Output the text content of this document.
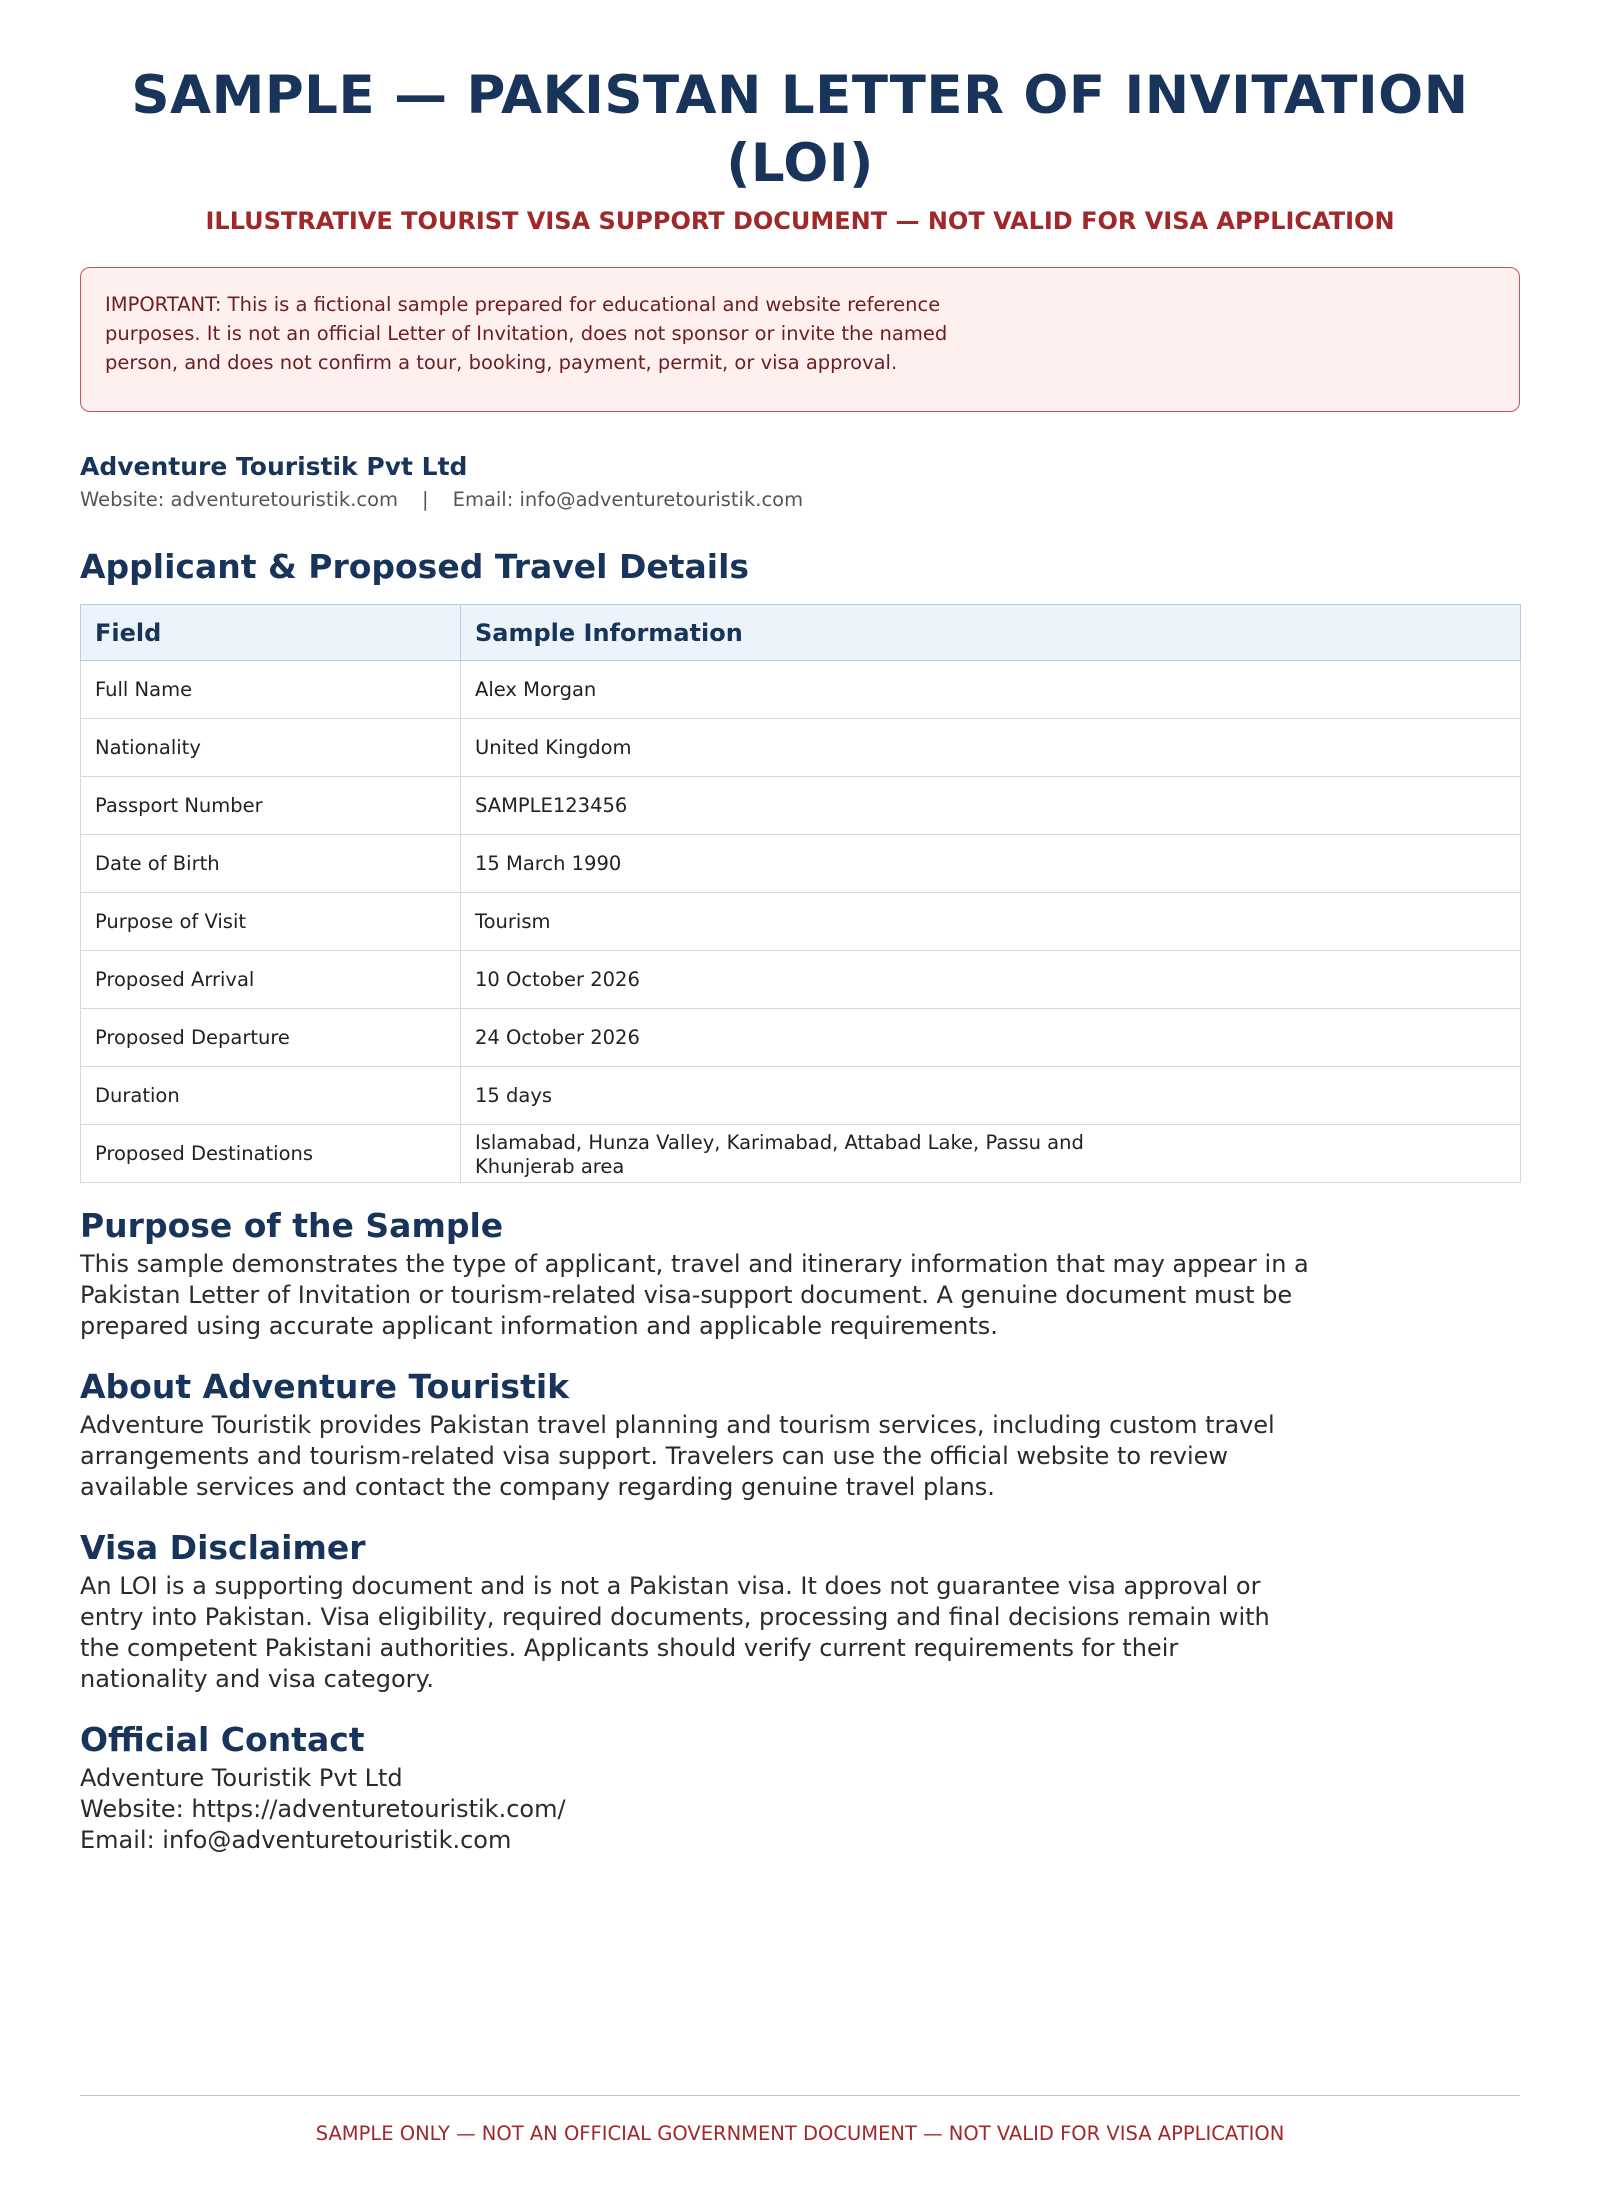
SAMPLE — PAKISTAN LETTER OF INVITATION (LOI)
ILLUSTRATIVE TOURIST VISA SUPPORT DOCUMENT — NOT VALID FOR VISA APPLICATION

IMPORTANT: This is a fictional sample prepared for educational and website reference purposes. It is not an official Letter of Invitation, does not sponsor or invite the named person, and does not confirm a tour, booking, payment, permit, or visa approval.

Adventure Touristik Pvt Ltd
Website: adventuretouristik.com | Email: info@adventuretouristik.com
Applicant & Proposed Travel Details
Field	Sample Information
Full Name	Alex Morgan
Nationality	United Kingdom
Passport Number	SAMPLE123456
Date of Birth	15 March 1990
Purpose of Visit	Tourism
Proposed Arrival	10 October 2026
Proposed Departure	24 October 2026
Duration	15 days
Proposed Destinations	Islamabad, Hunza Valley, Karimabad, Attabad Lake, Passu and Khunjerab area
Purpose of the Sample

This sample demonstrates the type of applicant, travel and itinerary information that may appear in a Pakistan Letter of Invitation or tourism-related visa-support document. A genuine document must be prepared using accurate applicant information and applicable requirements.

About Adventure Touristik

Adventure Touristik provides Pakistan travel planning and tourism services, including custom travel arrangements and tourism-related visa support. Travelers can use the official website to review available services and contact the company regarding genuine travel plans.

Visa Disclaimer

An LOI is a supporting document and is not a Pakistan visa. It does not guarantee visa approval or entry into Pakistan. Visa eligibility, required documents, processing and final decisions remain with the competent Pakistani authorities. Applicants should verify current requirements for their nationality and visa category.

Official Contact
Adventure Touristik Pvt Ltd
Website: https://adventuretouristik.com/
Email: info@adventuretouristik.com
SAMPLE ONLY — NOT AN OFFICIAL GOVERNMENT DOCUMENT — NOT VALID FOR VISA APPLICATION
